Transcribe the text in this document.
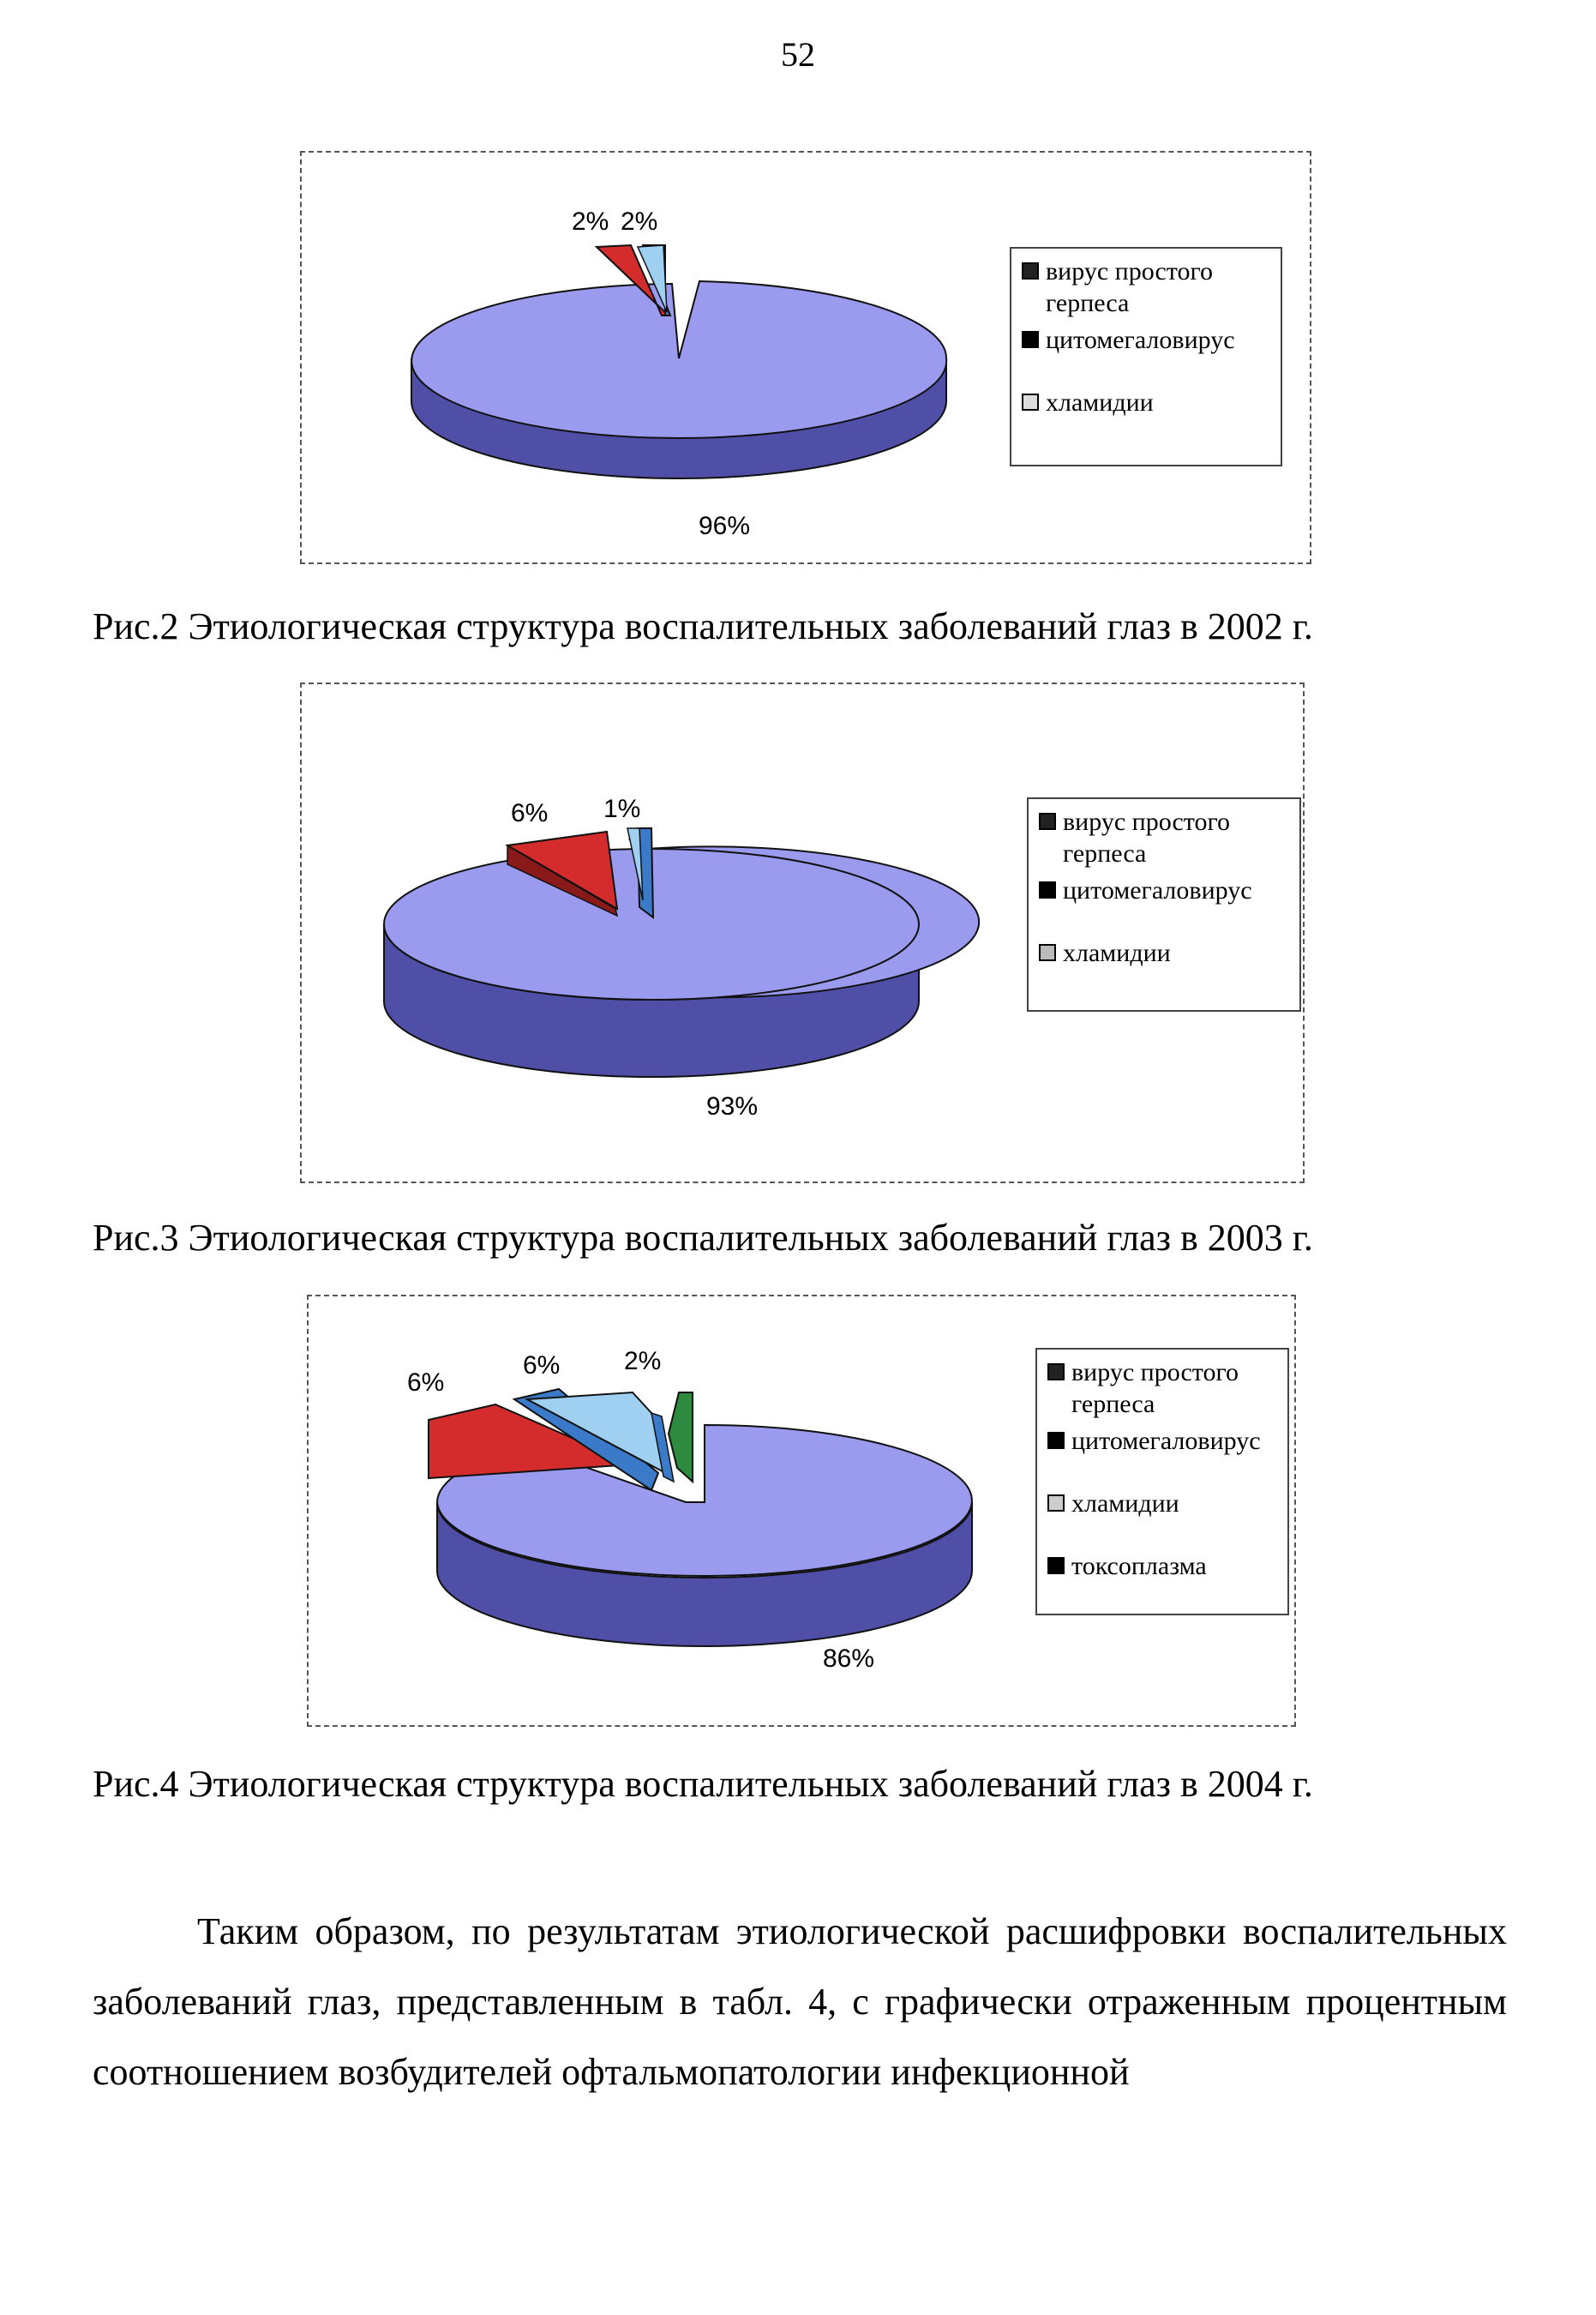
52
2% 2%
96%
вирус простого герпеса
цитомегаловирус
хламидии
Рис.2 Этиологическая структура воспалительных заболеваний глаз в 2002 г.
6% 1%
93%
вирус простого герпеса
цитомегаловирус
хламидии
Рис.3 Этиологическая структура воспалительных заболеваний глаз в 2003 г.
6%
6% 2%
86%
вирус простого герпеса
цитомегаловирус
хламидии
токсоплазма
Рис.4 Этиологическая структура воспалительных заболеваний глаз в 2004 г.
Таким образом, по результатам этиологической расшифровки воспалительных заболеваний глаз, представленным в табл. 4, с графически отраженным процентным соотношением возбудителей офтальмопатологии инфекционной
